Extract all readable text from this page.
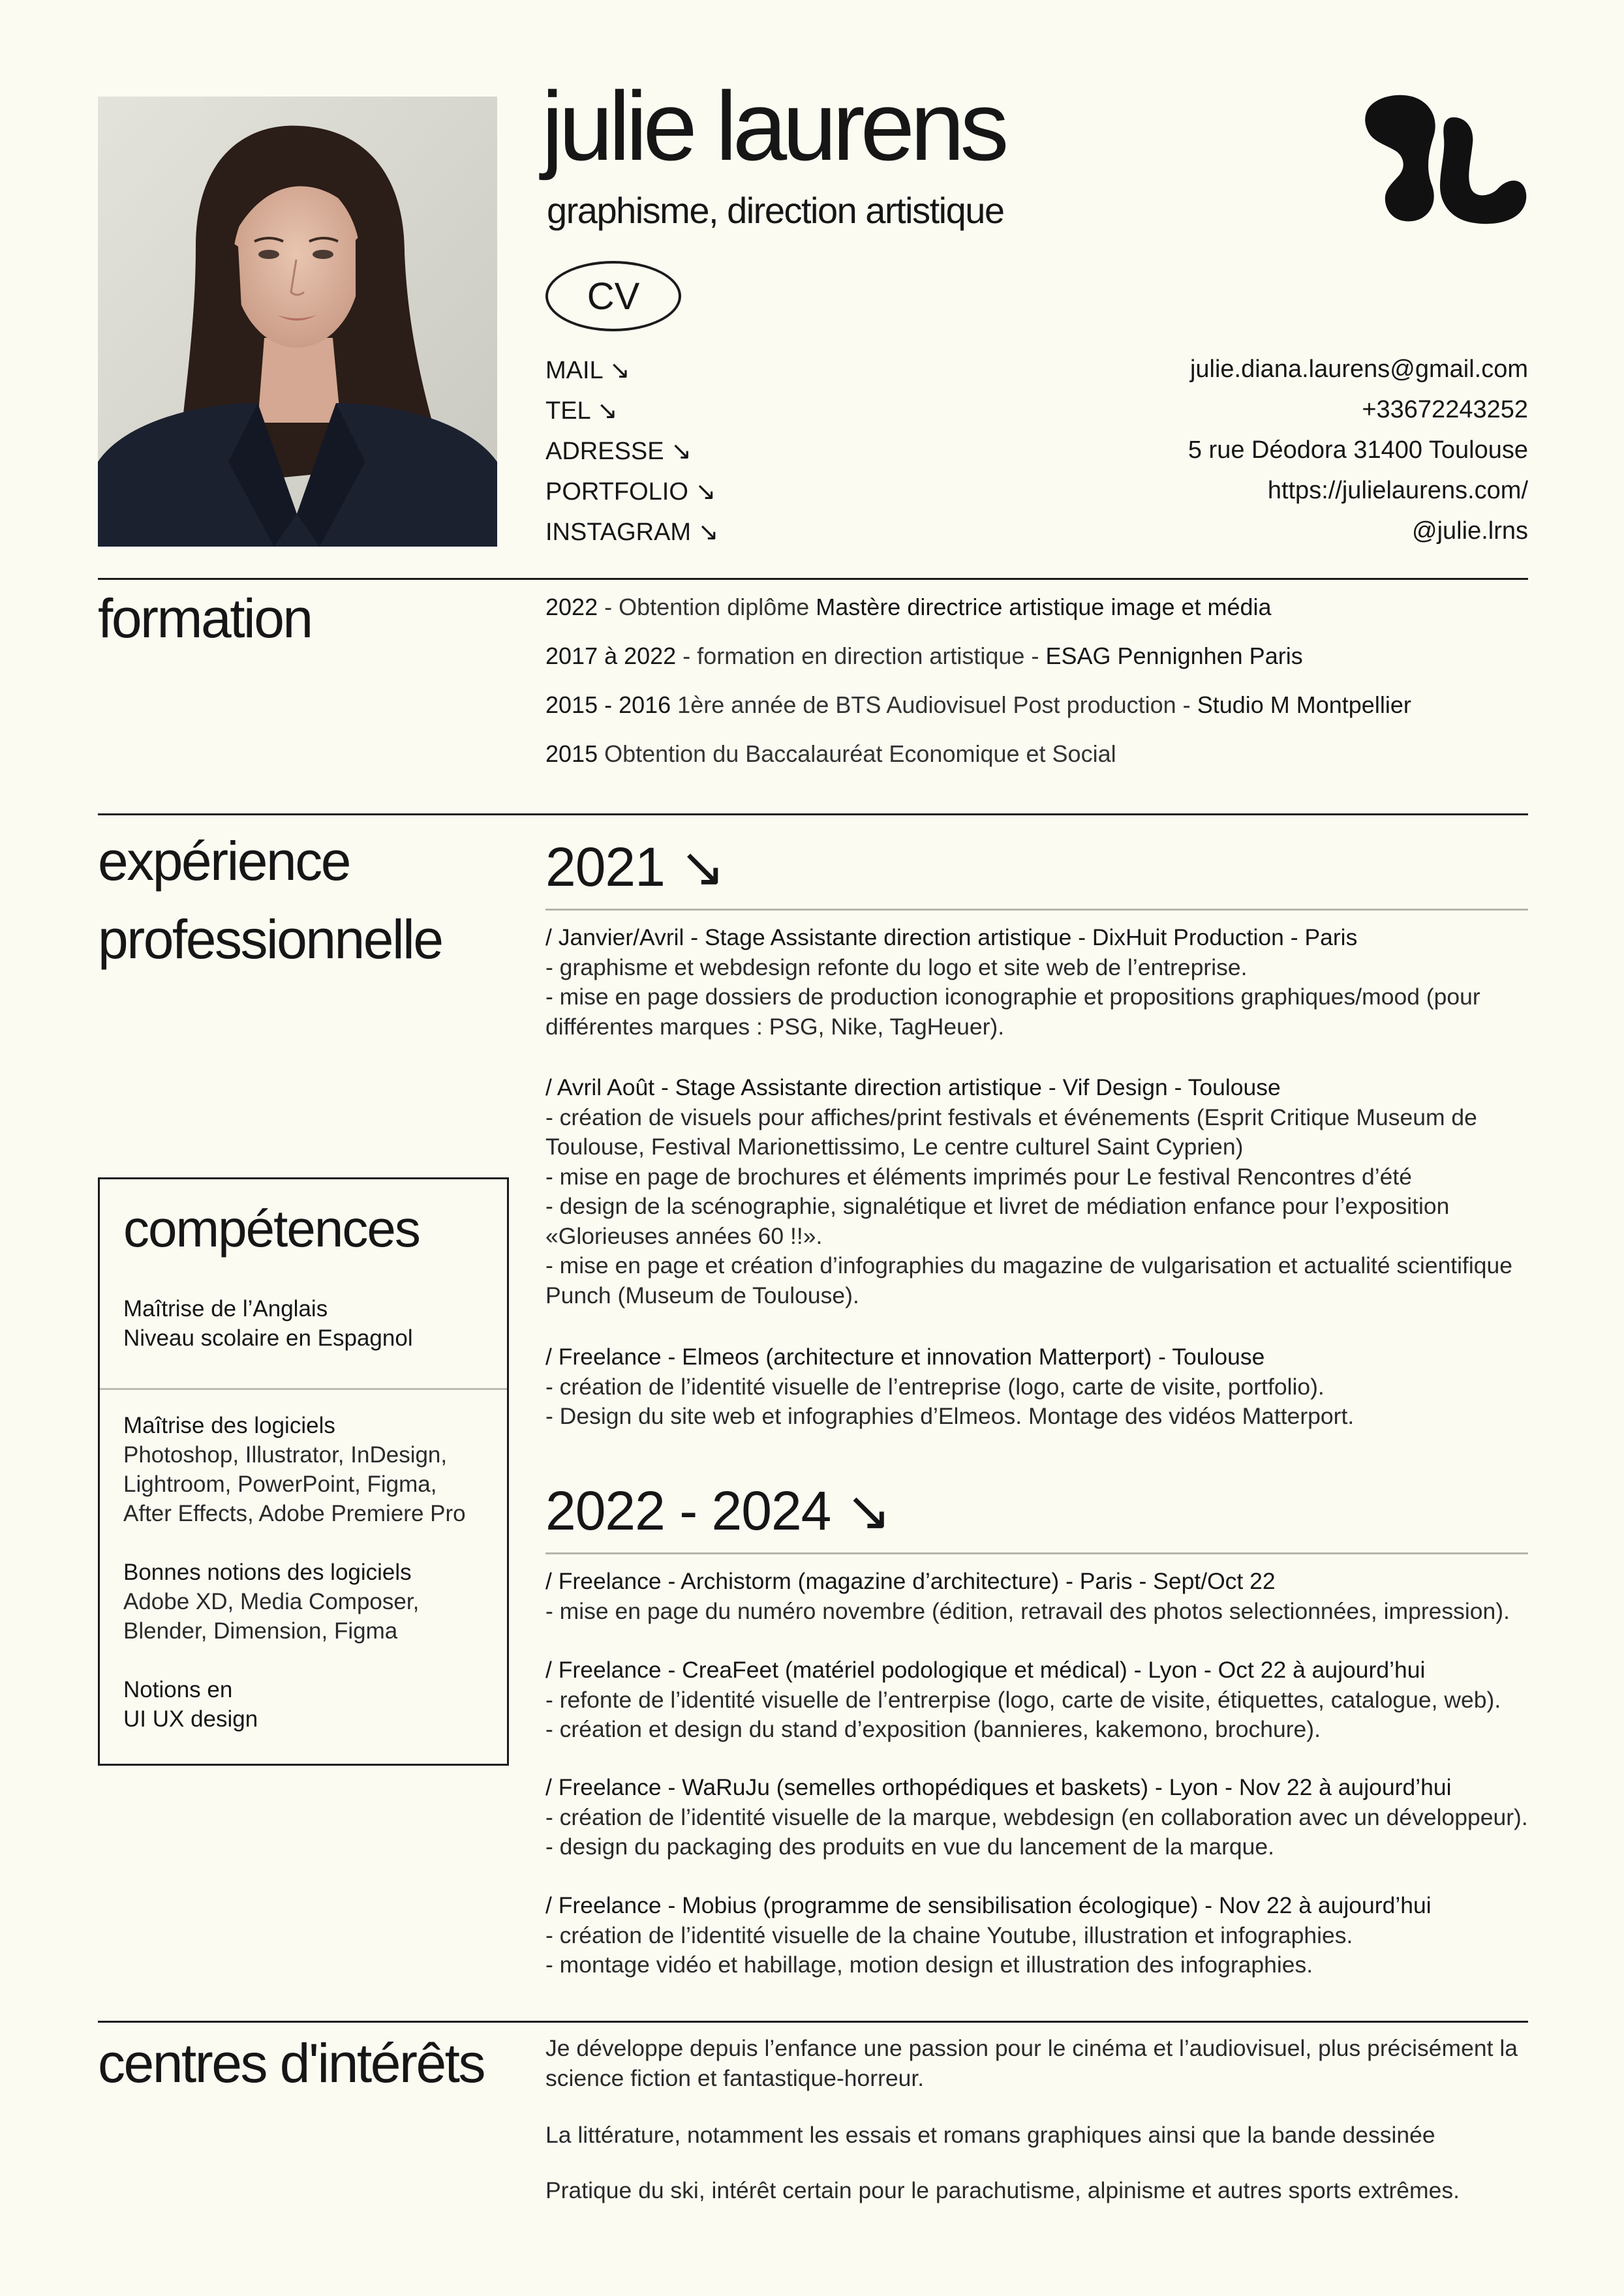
julie laurens
graphisme, direction artistique
CV
MAIL ↘	julie.diana.laurens@gmail.com
TEL ↘	+33672243252
ADRESSE ↘	5 rue Déodora 31400 Toulouse
PORTFOLIO ↘	https://julielaurens.com/
INSTAGRAM ↘	@julie.lrns
formation	2022 - Obtention diplôme Mastère directrice artistique image et média
2017 à 2022 - formation en direction artistique - ESAG Pennignhen Paris
2015 - 2016 1ère année de BTS Audiovisuel Post production - Studio M Montpellier
2015 Obtention du Baccalauréat Economique et Social
expérience
professionnelle
2021 ↘
/ Janvier/Avril - Stage Assistante direction artistique - DixHuit Production - Paris
- graphisme et webdesign refonte du logo et site web de l’entreprise.
- mise en page dossiers de production iconographie et propositions graphiques/mood (pour différentes marques : PSG, Nike, TagHeuer).
/ Avril Août - Stage Assistante direction artistique - Vif Design - Toulouse
- création de visuels pour affiches/print festivals et événements (Esprit Critique Museum de Toulouse, Festival Marionettissimo, Le centre culturel Saint Cyprien)
- mise en page de brochures et éléments imprimés pour Le festival Rencontres d’été
- design de la scénographie, signalétique et livret de médiation enfance pour l’exposition «Glorieuses années 60 !!».
- mise en page et création d’infographies du magazine de vulgarisation et actualité scientifique Punch (Museum de Toulouse).
/ Freelance - Elmeos (architecture et innovation Matterport) - Toulouse
- création de l’identité visuelle de l’entreprise (logo, carte de visite, portfolio).
- Design du site web et infographies d’Elmeos. Montage des vidéos Matterport.
2022 - 2024 ↘
/ Freelance - Archistorm (magazine d’architecture) - Paris - Sept/Oct 22
- mise en page du numéro novembre (édition, retravail des photos selectionnées, impression).
/ Freelance - CreaFeet (matériel podologique et médical) - Lyon - Oct 22 à aujourd’hui
- refonte de l’identité visuelle de l’entrerpise (logo, carte de visite, étiquettes, catalogue, web).
- création et design du stand d’exposition (bannieres, kakemono, brochure).
/ Freelance - WaRuJu (semelles orthopédiques et baskets) - Lyon - Nov 22 à aujourd’hui
- création de l’identité visuelle de la marque, webdesign (en collaboration avec un développeur).
- design du packaging des produits en vue du lancement de la marque.
/ Freelance - Mobius (programme de sensibilisation écologique) - Nov 22 à aujourd’hui
- création de l’identité visuelle de la chaine Youtube, illustration et infographies.
- montage vidéo et habillage, motion design et illustration des infographies.
compétences
Maîtrise de l’Anglais
Niveau scolaire en Espagnol
Maîtrise des logiciels
Photoshop, Illustrator, InDesign, Lightroom, PowerPoint, Figma, After Effects, Adobe Premiere Pro
Bonnes notions des logiciels
Adobe XD, Media Composer, Blender, Dimension, Figma
Notions en
UI UX design
centres d'intérêts	Je développe depuis l’enfance une passion pour le cinéma et l’audiovisuel, plus précisément la science fiction et fantastique-horreur.
La littérature, notamment les essais et romans graphiques ainsi que la bande dessinée
Pratique du ski, intérêt certain pour le parachutisme, alpinisme et autres sports extrêmes.
